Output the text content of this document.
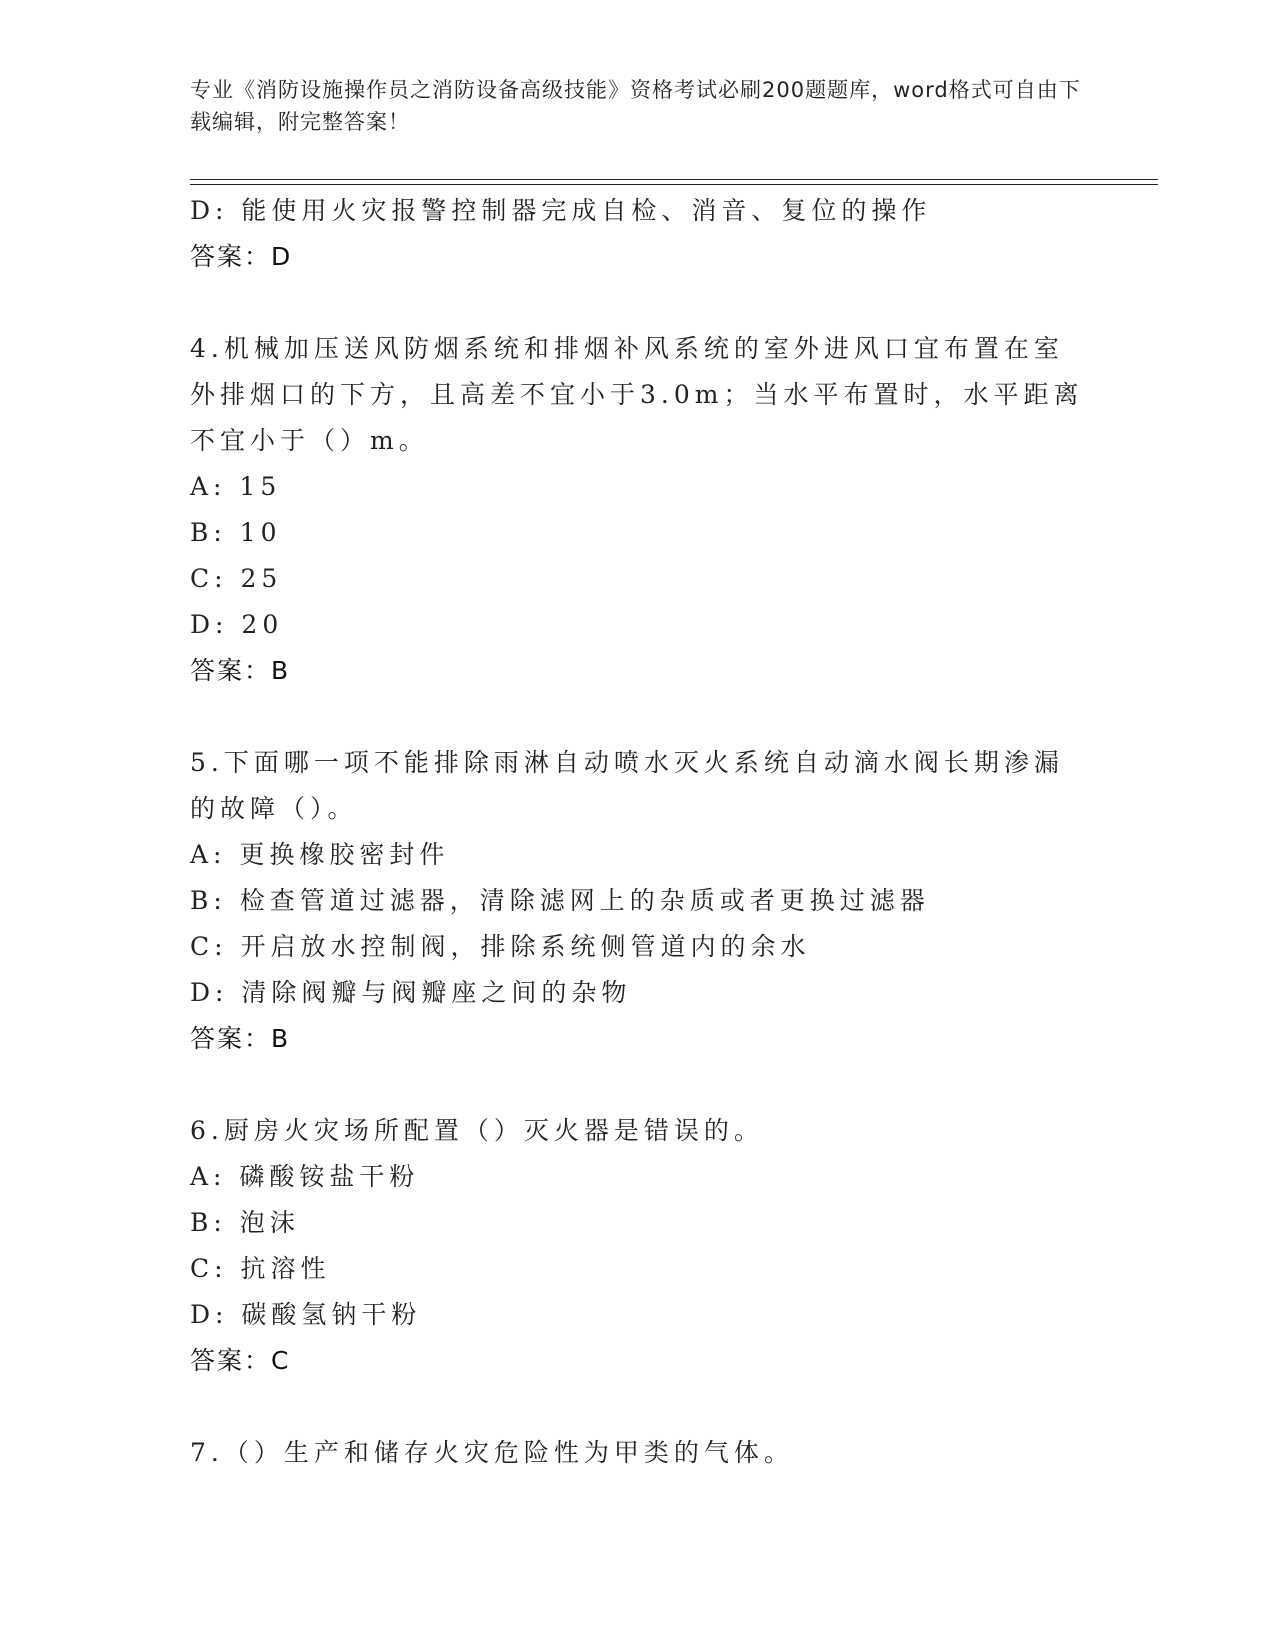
专业《消防设施操作员之消防设备高级技能》资格考试必刷200题题库，word格式可自由下载编辑，附完整答案！
D: 能使用火灾报警控制器完成自检、消音、复位的操作
答案：D
4.机械加压送风防烟系统和排烟补风系统的室外进风口宜布置在室外排烟口的下方，且高差不宜小于3.0m；当水平布置时，水平距离不宜小于（）m。
A: 15
B: 10
C: 25
D: 20
答案：B
5.下面哪一项不能排除雨淋自动喷水灭火系统自动滴水阀长期渗漏的故障（）。
A: 更换橡胶密封件
B: 检查管道过滤器，清除滤网上的杂质或者更换过滤器
C: 开启放水控制阀，排除系统侧管道内的余水
D: 清除阀瓣与阀瓣座之间的杂物
答案：B
6.厨房火灾场所配置（）灭火器是错误的。
A: 磷酸铵盐干粉
B: 泡沫
C: 抗溶性
D: 碳酸氢钠干粉
答案：C
7.（）生产和储存火灾危险性为甲类的气体。
